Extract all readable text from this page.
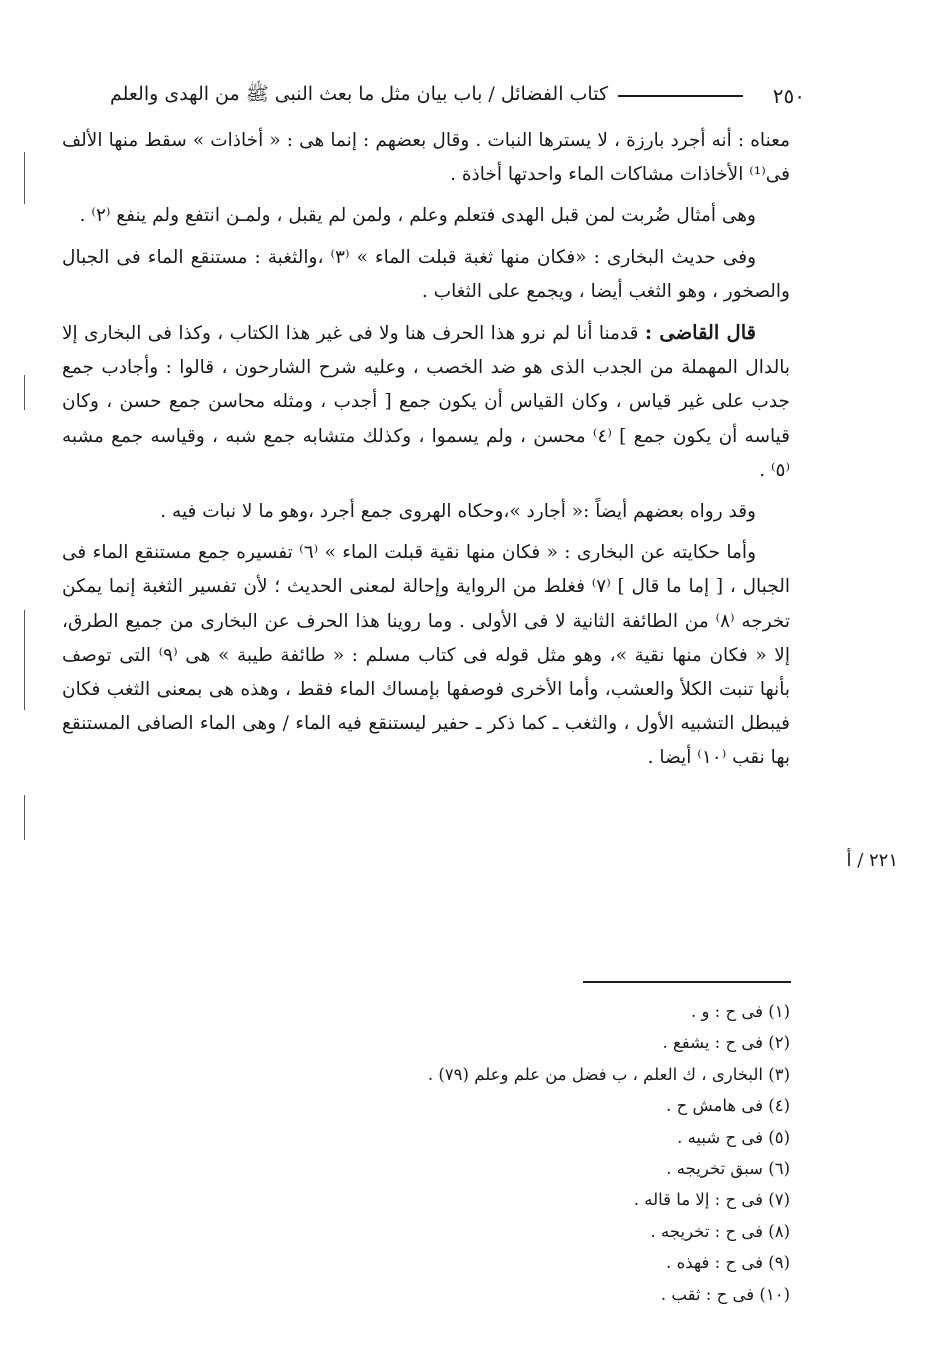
٢٥٠
كتاب الفضائل / باب بيان مثل ما بعث النبى ﷺ من الهدى والعلم

معناه : أنه أجرد بارزة ، لا يسترها النبات . وقال بعضهم : إنما هى : « أخاذات » سقط منها الألف فى⁽¹⁾ الأخاذات مشاكات الماء واحدتها أخاذة .

وهى أمثال ضُربت لمن قبل الهدى فتعلم وعلم ، ولمن لم يقبل ، ولمـن انتفع ولم ينفع ⁽٢⁾ .

وفى حديث البخارى : «فكان منها ثغبة قبلت الماء » ⁽٣⁾ ،والثغبة : مستنقع الماء فى الجبال والصخور ، وهو الثغب أيضا ، ويجمع على الثغاب .

قال القاضى : قدمنا أنا لم نرو هذا الحرف هنا ولا فى غير هذا الكتاب ، وكذا فى البخارى إلا بالدال المهملة من الجدب الذى هو ضد الخصب ، وعليه شرح الشارحون ، قالوا : وأجادب جمع جدب على غير قياس ، وكان القياس أن يكون جمع [ أجدب ، ومثله محاسن جمع حسن ، وكان قياسه أن يكون جمع ] ⁽٤⁾ محسن ، ولم يسموا ، وكذلك متشابه جمع شبه ، وقياسه جمع مشبه ⁽٥⁾ .

وقد رواه بعضهم أيضاً :« أجارد »،وحكاه الهروى جمع أجرد ،وهو ما لا نبات فيه .

وأما حكايته عن البخارى : « فكان منها نقية قبلت الماء » ⁽٦⁾ تفسيره جمع مستنقع الماء فى الجبال ، [ إما ما قال ] ⁽٧⁾ فغلط من الرواية وإحالة لمعنى الحديث ؛ لأن تفسير الثغبة إنما يمكن تخرجه ⁽٨⁾ من الطائفة الثانية لا فى الأولى . وما روينا هذا الحرف عن البخارى من جميع الطرق، إلا « فكان منها نقية »، وهو مثل قوله فى كتاب مسلم : « طائفة طيبة » هى ⁽٩⁾ التى توصف بأنها تنبت الكلأ والعشب، وأما الأخرى فوصفها بإمساك الماء فقط ، وهذه هى بمعنى الثغب فكان فيبطل التشبيه الأول ، والثغب ـ كما ذكر ـ حفير ليستنقع فيه الماء / وهى الماء الصافى المستنقع بها نقب ⁽١٠⁾ أيضا .

٢٢١ / أ
(١) فى ح : و .
(٢) فى ح : يشفع .
(٣) البخارى ، ك العلم ، ب فضل من علم وعلم (٧٩) .
(٤) فى هامش ح .
(٥) فى ح شبيه .
(٦) سبق تخريجه .
(٧) فى ح : إلا ما قاله .
(٨) فى ح : تخريجه .
(٩) فى ح : فهذه .
(١٠) فى ح : ثقب .
